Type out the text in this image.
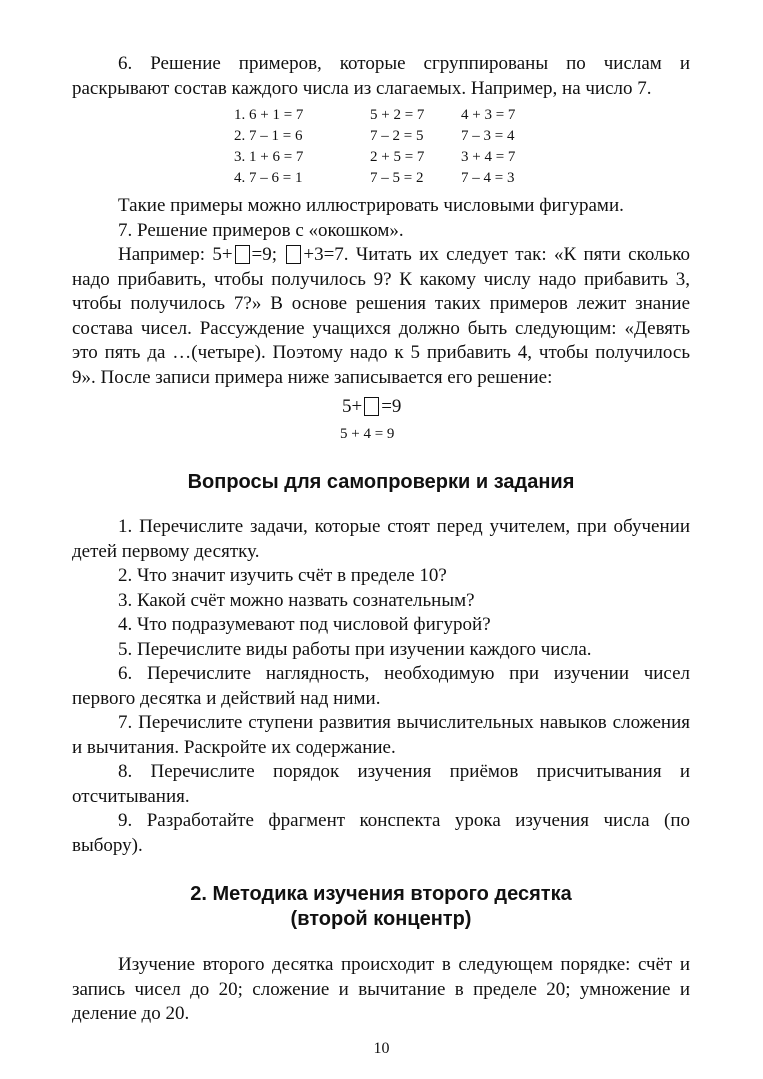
6. Решение примеров, которые сгруппированы по числам и раскрывают состав каждого числа из слагаемых. Например, на число 7.

1. 6 + 1 = 7	5 + 2 = 7	4 + 3 = 7
2. 7 – 1 = 6	7 – 2 = 5	7 – 3 = 4
3. 1 + 6 = 7	2 + 5 = 7	3 + 4 = 7
4. 7 – 6 = 1	7 – 5 = 2	7 – 4 = 3

Такие примеры можно иллюстрировать числовыми фигурами.

7. Решение примеров с «окошком».

Например: 5+ =9; +3=7. Читать их следует так: «К пяти сколько надо прибавить, чтобы получилось 9? К какому числу надо прибавить 3, чтобы получилось 7?» В основе решения таких примеров лежит знание состава чисел. Рассуждение учащихся должно быть следующим: «Девять это пять да …(четыре). Поэтому надо к 5 прибавить 4, чтобы получилось 9». После записи примера ниже записывается его решение:

5+ =9
5 + 4 = 9
Вопросы для самопроверки и задания

1. Перечислите задачи, которые стоят перед учителем, при обучении детей первому десятку.

2. Что значит изучить счёт в пределе 10?

3. Какой счёт можно назвать сознательным?

4. Что подразумевают под числовой фигурой?

5. Перечислите виды работы при изучении каждого числа.

6. Перечислите наглядность, необходимую при изучении чисел первого десятка и действий над ними.

7. Перечислите ступени развития вычислительных навыков сложения и вычитания. Раскройте их содержание.

8. Перечислите порядок изучения приёмов присчитывания и отсчитывания.

9. Разработайте фрагмент конспекта урока изучения числа (по выбору).

2. Методика изучения второго десятка
(второй концентр)

Изучение второго десятка происходит в следующем порядке: счёт и запись чисел до 20; сложение и вычитание в пределе 20; умножение и деление до 20.

10
